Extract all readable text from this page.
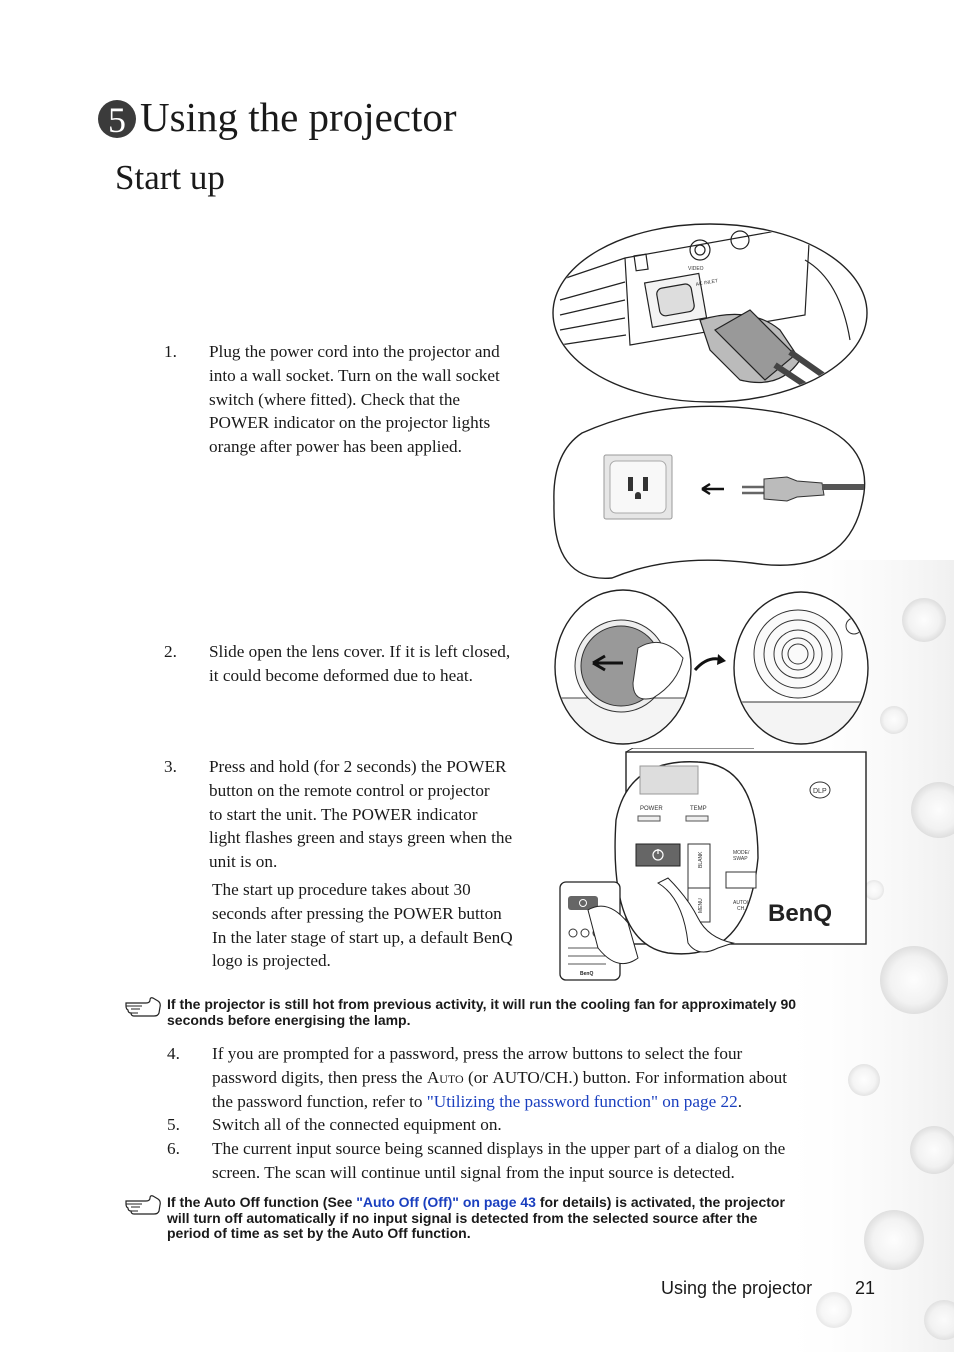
5 Using the projector
Start up
1. Plug the power cord into the projector and
into a wall socket. Turn on the wall socket
switch (where fitted). Check that the
POWER indicator on the projector lights
orange after power has been applied.
2. Slide open the lens cover. If it is left closed,
it could become deformed due to heat.
3. Press and hold (for 2 seconds) the POWER
button on the remote control or projector
to start the unit. The POWER indicator
light flashes green and stays green when the
unit is on.
The start up procedure takes about 30
seconds after pressing the POWER button
In the later stage of start up, a default BenQ
logo is projected.
If the projector is still hot from previous activity, it will run the cooling fan for approximately 90
seconds before energising the lamp.
4. If you are prompted for a password, press the arrow buttons to select the four
password digits, then press the Auto (or AUTO/CH.) button. For information about
the password function, refer to "Utilizing the password function" on page 22.
5. Switch all of the connected equipment on.
6. The current input source being scanned displays in the upper part of a dialog on the
screen. The scan will continue until signal from the input source is detected.
If the Auto Off function (See "Auto Off (Off)" on page 43 for details) is activated, the projector
will turn off automatically if no input signal is detected from the selected source after the
period of time as set by the Auto Off function.
VIDEO
AC INLET
DLP
BenQ
POWER	TEMP
BLANK	MODE/
SWAP
MENU	AUTO/
CH.
BenQ
Using the projector 21
